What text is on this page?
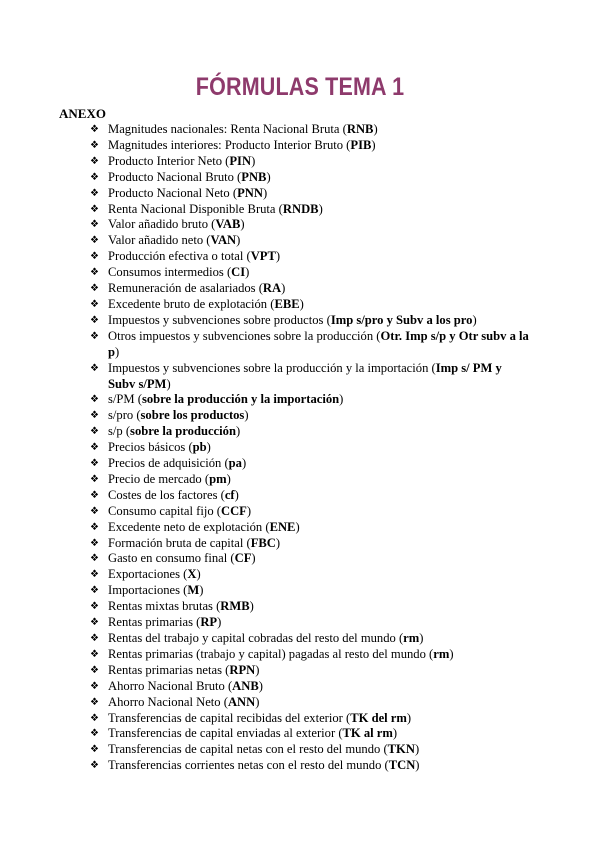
FÓRMULAS TEMA 1
ANEXO
❖ Magnitudes nacionales: Renta Nacional Bruta (RNB)
❖ Magnitudes interiores: Producto Interior Bruto (PIB)
❖ Producto Interior Neto (PIN)
❖ Producto Nacional Bruto (PNB)
❖ Producto Nacional Neto (PNN)
❖ Renta Nacional Disponible Bruta (RNDB)
❖ Valor añadido bruto (VAB)
❖ Valor añadido neto (VAN)
❖ Producción efectiva o total (VPT)
❖ Consumos intermedios (CI)
❖ Remuneración de asalariados (RA)
❖ Excedente bruto de explotación (EBE)
❖ Impuestos y subvenciones sobre productos (Imp s/pro y Subv a los pro)
❖ Otros impuestos y subvenciones sobre la producción (Otr. Imp s/p y Otr subv a la p)
❖ Impuestos y subvenciones sobre la producción y la importación (Imp s/ PM y Subv s/PM)
❖ s/PM (sobre la producción y la importación)
❖ s/pro (sobre los productos)
❖ s/p (sobre la producción)
❖ Precios básicos (pb)
❖ Precios de adquisición (pa)
❖ Precio de mercado (pm)
❖ Costes de los factores (cf)
❖ Consumo capital fijo (CCF)
❖ Excedente neto de explotación (ENE)
❖ Formación bruta de capital (FBC)
❖ Gasto en consumo final (CF)
❖ Exportaciones (X)
❖ Importaciones (M)
❖ Rentas mixtas brutas (RMB)
❖ Rentas primarias (RP)
❖ Rentas del trabajo y capital cobradas del resto del mundo (rm)
❖ Rentas primarias (trabajo y capital) pagadas al resto del mundo (rm)
❖ Rentas primarias netas (RPN)
❖ Ahorro Nacional Bruto (ANB)
❖ Ahorro Nacional Neto (ANN)
❖ Transferencias de capital recibidas del exterior (TK del rm)
❖ Transferencias de capital enviadas al exterior (TK al rm)
❖ Transferencias de capital netas con el resto del mundo (TKN)
❖ Transferencias corrientes netas con el resto del mundo (TCN)
